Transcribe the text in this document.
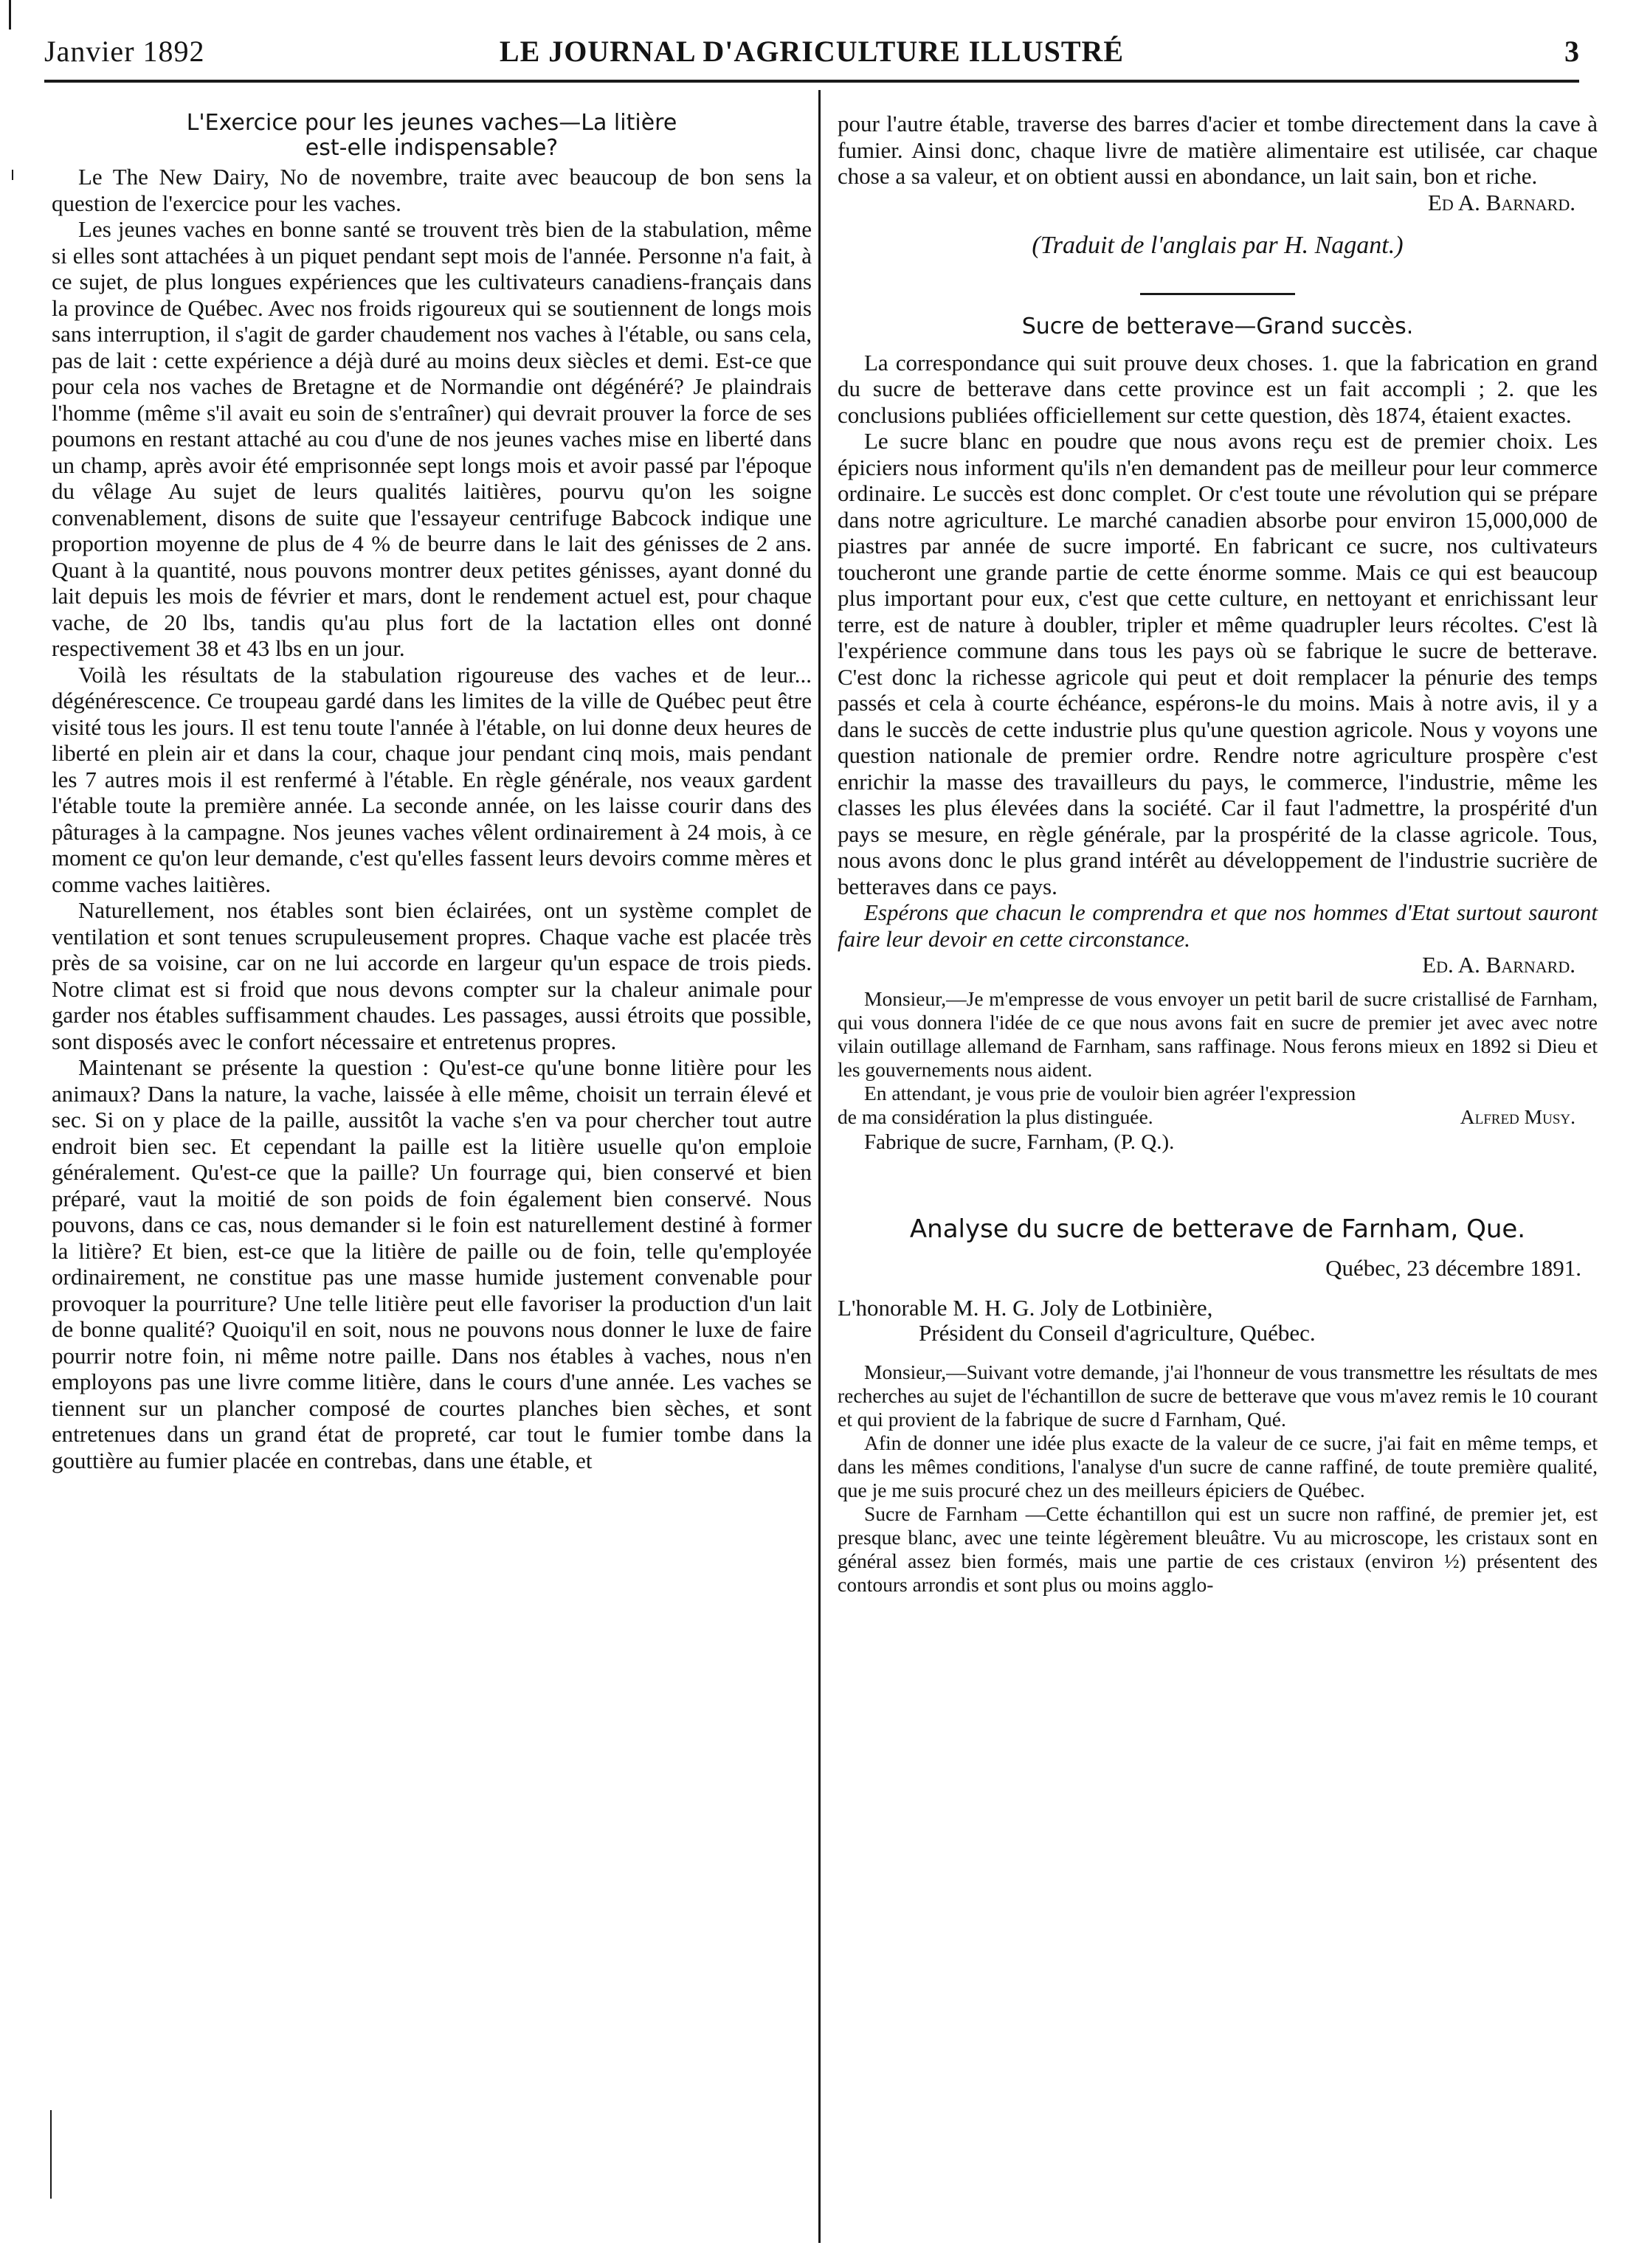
Janvier 1892	LE JOURNAL D'AGRICULTURE ILLUSTRÉ	3
L'Exercice pour les jeunes vaches—La litière
est-elle indispensable?

Le The New Dairy, No de novembre, traite avec beaucoup de bon sens la question de l'exercice pour les vaches.

Les jeunes vaches en bonne santé se trouvent très bien de la stabulation, même si elles sont attachées à un piquet pendant sept mois de l'année. Personne n'a fait, à ce sujet, de plus longues expériences que les cultivateurs canadiens-français dans la province de Québec. Avec nos froids rigoureux qui se soutiennent de longs mois sans interruption, il s'agit de garder chaudement nos vaches à l'étable, ou sans cela, pas de lait : cette expérience a déjà duré au moins deux siècles et demi. Est-ce que pour cela nos vaches de Bretagne et de Normandie ont dégénéré? Je plaindrais l'homme (même s'il avait eu soin de s'entraîner) qui devrait prouver la force de ses poumons en restant attaché au cou d'une de nos jeunes vaches mise en liberté dans un champ, après avoir été emprisonnée sept longs mois et avoir passé par l'époque du vêlage Au sujet de leurs qualités laitières, pourvu qu'on les soigne convenablement, disons de suite que l'essayeur centrifuge Babcock indique une proportion moyenne de plus de 4 % de beurre dans le lait des génisses de 2 ans. Quant à la quantité, nous pouvons montrer deux petites génisses, ayant donné du lait depuis les mois de février et mars, dont le rendement actuel est, pour chaque vache, de 20 lbs, tandis qu'au plus fort de la lactation elles ont donné respectivement 38 et 43 lbs en un jour.

Voilà les résultats de la stabulation rigoureuse des vaches et de leur... dégénérescence. Ce troupeau gardé dans les limites de la ville de Québec peut être visité tous les jours. Il est tenu toute l'année à l'étable, on lui donne deux heures de liberté en plein air et dans la cour, chaque jour pendant cinq mois, mais pendant les 7 autres mois il est renfermé à l'étable. En règle générale, nos veaux gardent l'étable toute la première année. La seconde année, on les laisse courir dans des pâturages à la campagne. Nos jeunes vaches vêlent ordinairement à 24 mois, à ce moment ce qu'on leur demande, c'est qu'elles fassent leurs devoirs comme mères et comme vaches laitières.

Naturellement, nos étables sont bien éclairées, ont un système complet de ventilation et sont tenues scrupuleusement propres. Chaque vache est placée très près de sa voisine, car on ne lui accorde en largeur qu'un espace de trois pieds. Notre climat est si froid que nous devons compter sur la chaleur animale pour garder nos étables suffisamment chaudes. Les passages, aussi étroits que possible, sont disposés avec le confort nécessaire et entretenus propres.

Maintenant se présente la question : Qu'est-ce qu'une bonne litière pour les animaux? Dans la nature, la vache, laissée à elle même, choisit un terrain élevé et sec. Si on y place de la paille, aussitôt la vache s'en va pour chercher tout autre endroit bien sec. Et cependant la paille est la litière usuelle qu'on emploie généralement. Qu'est-ce que la paille? Un fourrage qui, bien conservé et bien préparé, vaut la moitié de son poids de foin également bien conservé. Nous pouvons, dans ce cas, nous demander si le foin est naturellement destiné à former la litière? Et bien, est-ce que la litière de paille ou de foin, telle qu'employée ordinairement, ne constitue pas une masse humide justement convenable pour provoquer la pourriture? Une telle litière peut elle favoriser la production d'un lait de bonne qualité? Quoiqu'il en soit, nous ne pouvons nous donner le luxe de faire pourrir notre foin, ni même notre paille. Dans nos étables à vaches, nous n'en employons pas une livre comme litière, dans le cours d'une année. Les vaches se tiennent sur un plancher composé de courtes planches bien sèches, et sont entretenues dans un grand état de propreté, car tout le fumier tombe dans la gouttière au fumier placée en contrebas, dans une étable, et

pour l'autre étable, traverse des barres d'acier et tombe directement dans la cave à fumier. Ainsi donc, chaque livre de matière alimentaire est utilisée, car chaque chose a sa valeur, et on obtient aussi en abondance, un lait sain, bon et riche.

Ed A. Barnard.
(Traduit de l'anglais par H. Nagant.)
Sucre de betterave—Grand succès.

La correspondance qui suit prouve deux choses. 1. que la fabrication en grand du sucre de betterave dans cette province est un fait accompli ; 2. que les conclusions publiées officiellement sur cette question, dès 1874, étaient exactes.

Le sucre blanc en poudre que nous avons reçu est de premier choix. Les épiciers nous informent qu'ils n'en demandent pas de meilleur pour leur commerce ordinaire. Le succès est donc complet. Or c'est toute une révolution qui se prépare dans notre agriculture. Le marché canadien absorbe pour environ 15,000,000 de piastres par année de sucre importé. En fabricant ce sucre, nos cultivateurs toucheront une grande partie de cette énorme somme. Mais ce qui est beaucoup plus important pour eux, c'est que cette culture, en nettoyant et enrichissant leur terre, est de nature à doubler, tripler et même quadrupler leurs récoltes. C'est là l'expérience commune dans tous les pays où se fabrique le sucre de betterave. C'est donc la richesse agricole qui peut et doit remplacer la pénurie des temps passés et cela à courte échéance, espérons-le du moins. Mais à notre avis, il y a dans le succès de cette industrie plus qu'une question agricole. Nous y voyons une question nationale de premier ordre. Rendre notre agriculture prospère c'est enrichir la masse des travailleurs du pays, le commerce, l'industrie, même les classes les plus élevées dans la société. Car il faut l'admettre, la prospérité d'un pays se mesure, en règle générale, par la prospérité de la classe agricole. Tous, nous avons donc le plus grand intérêt au développement de l'industrie sucrière de betteraves dans ce pays.

Espérons que chacun le comprendra et que nos hommes d'Etat surtout sauront faire leur devoir en cette circonstance.

Ed. A. Barnard.

Monsieur,—Je m'empresse de vous envoyer un petit baril de sucre cristallisé de Farnham, qui vous donnera l'idée de ce que nous avons fait en sucre de premier jet avec avec notre vilain outillage allemand de Farnham, sans raffinage. Nous ferons mieux en 1892 si Dieu et les gouvernements nous aident.

En attendant, je vous prie de vouloir bien agréer l'expression

de ma considération la plus distinguée.	Alfred Musy.
Fabrique de sucre, Farnham, (P. Q.).
Analyse du sucre de betterave de Farnham, Que.
Québec, 23 décembre 1891.
L'honorable M. H. G. Joly de Lotbinière,
Président du Conseil d'agriculture, Québec.

Monsieur,—Suivant votre demande, j'ai l'honneur de vous transmettre les résultats de mes recherches au sujet de l'échantillon de sucre de betterave que vous m'avez remis le 10 courant et qui provient de la fabrique de sucre d Farnham, Qué.

Afin de donner une idée plus exacte de la valeur de ce sucre, j'ai fait en même temps, et dans les mêmes conditions, l'analyse d'un sucre de canne raffiné, de toute première qualité, que je me suis procuré chez un des meilleurs épiciers de Québec.

Sucre de Farnham —Cette échantillon qui est un sucre non raffiné, de premier jet, est presque blanc, avec une teinte légèrement bleuâtre. Vu au microscope, les cristaux sont en général assez bien formés, mais une partie de ces cristaux (environ ½) présentent des contours arrondis et sont plus ou moins agglo-
